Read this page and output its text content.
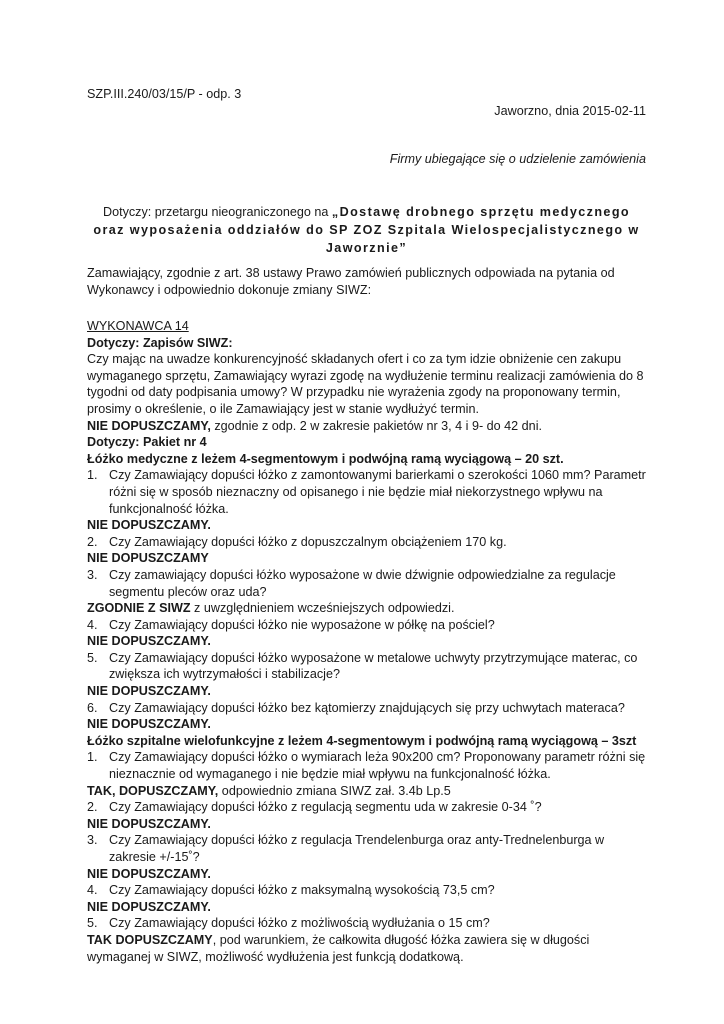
SZP.III.240/03/15/P - odp. 3
Jaworzno, dnia 2015-02-11
Firmy ubiegające się o udzielenie zamówienia
Dotyczy: przetargu nieograniczonego na „Dostawę drobnego sprzętu medycznego oraz wyposażenia oddziałów do SP ZOZ Szpitala Wielospecjalistycznego w Jaworznie”
Zamawiający, zgodnie z art. 38 ustawy Prawo zamówień publicznych odpowiada na pytania od Wykonawcy i odpowiednio dokonuje zmiany SIWZ:

WYKONAWCA 14

Dotyczy: Zapisów SIWZ:

Czy mając na uwadze konkurencyjność składanych ofert i co za tym idzie obniżenie cen zakupu wymaganego sprzętu, Zamawiający wyrazi zgodę na wydłużenie terminu realizacji zamówienia do 8 tygodni od daty podpisania umowy? W przypadku nie wyrażenia zgody na proponowany termin, prosimy o określenie, o ile Zamawiający jest w stanie wydłużyć termin.

NIE DOPUSZCZAMY, zgodnie z odp. 2 w zakresie pakietów nr 3, 4 i 9- do 42 dni.

Dotyczy: Pakiet nr 4

Łóżko medyczne z leżem 4-segmentowym i podwójną ramą wyciągową – 20 szt.

1. Czy Zamawiający dopuści łóżko z zamontowanymi barierkami o szerokości 1060 mm? Parametr różni się w sposób nieznaczny od opisanego i nie będzie miał niekorzystnego wpływu na funkcjonalność łóżka.

NIE DOPUSZCZAMY.

2. Czy Zamawiający dopuści łóżko z dopuszczalnym obciążeniem 170 kg.

NIE DOPUSZCZAMY

3. Czy zamawiający dopuści łóżko wyposażone w dwie dźwignie odpowiedzialne za regulacje segmentu pleców oraz uda?

ZGODNIE Z SIWZ z uwzględnieniem wcześniejszych odpowiedzi.

4. Czy Zamawiający dopuści łóżko nie wyposażone w półkę na pościel?

NIE DOPUSZCZAMY.

5. Czy Zamawiający dopuści łóżko wyposażone w metalowe uchwyty przytrzymujące materac, co zwiększa ich wytrzymałości i stabilizacje?

NIE DOPUSZCZAMY.

6. Czy Zamawiający dopuści łóżko bez kątomierzy znajdujących się przy uchwytach materaca?

NIE DOPUSZCZAMY.

Łóżko szpitalne wielofunkcyjne z leżem 4-segmentowym i podwójną ramą wyciągową – 3szt

1. Czy Zamawiający dopuści łóżko o wymiarach leża 90x200 cm? Proponowany parametr różni się nieznacznie od wymaganego i nie będzie miał wpływu na funkcjonalność łóżka.

TAK, DOPUSZCZAMY, odpowiednio zmiana SIWZ zał. 3.4b Lp.5

2. Czy Zamawiający dopuści łóżko z regulacją segmentu uda w zakresie 0-34 ˚?

NIE DOPUSZCZAMY.

3. Czy Zamawiający dopuści łóżko z regulacja Trendelenburga oraz anty-Trednelenburga w zakresie +/-15˚?

NIE DOPUSZCZAMY.

4. Czy Zamawiający dopuści łóżko z maksymalną wysokością 73,5 cm?

NIE DOPUSZCZAMY.

5. Czy Zamawiający dopuści łóżko z możliwością wydłużania o 15 cm?

TAK DOPUSZCZAMY, pod warunkiem, że całkowita długość łóżka zawiera się w długości wymaganej w SIWZ, możliwość wydłużenia jest funkcją dodatkową.
